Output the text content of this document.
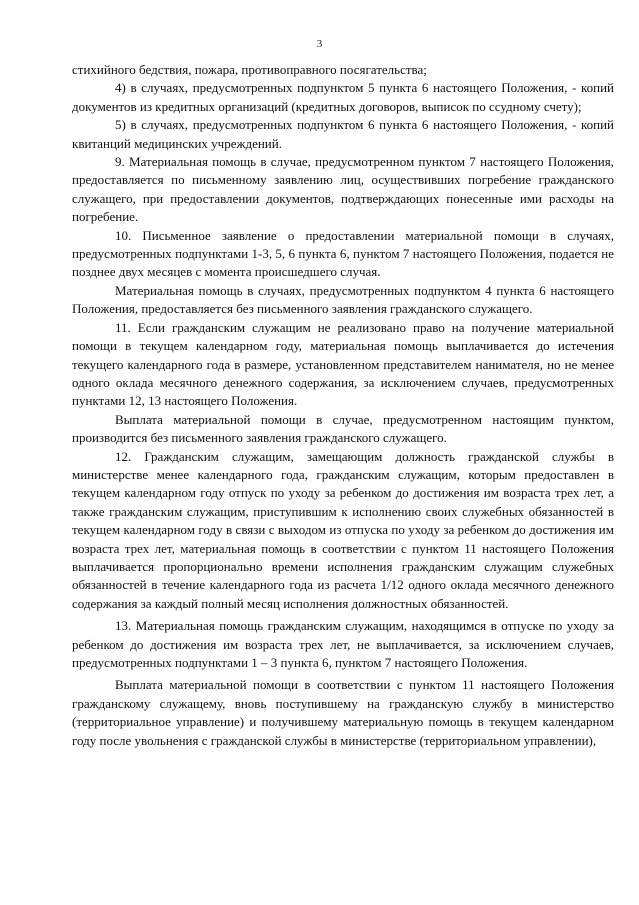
3

стихийного бедствия, пожара, противоправного посягательства;

4) в случаях, предусмотренных подпунктом 5 пункта 6 настоящего Положения, - копий документов из кредитных организаций (кредитных договоров, выписок по ссудному счету);

5) в случаях, предусмотренных подпунктом 6 пункта 6 настоящего Положения, - копий квитанций медицинских учреждений.

9. Материальная помощь в случае, предусмотренном пунктом 7 настоящего Положения, предоставляется по письменному заявлению лиц, осуществивших погребение гражданского служащего, при предоставлении документов, подтверждающих понесенные ими расходы на погребение.

10. Письменное заявление о предоставлении материальной помощи в случаях, предусмотренных подпунктами 1-3, 5, 6 пункта 6, пунктом 7 настоящего Положения, подается не позднее двух месяцев с момента происшедшего случая.

Материальная помощь в случаях, предусмотренных подпунктом 4 пункта 6 настоящего Положения, предоставляется без письменного заявления гражданского служащего.

11. Если гражданским служащим не реализовано право на получение материальной помощи в текущем календарном году, материальная помощь выплачивается до истечения текущего календарного года в размере, установленном представителем нанимателя, но не менее одного оклада месячного денежного содержания, за исключением случаев, предусмотренных пунктами 12, 13 настоящего Положения.

Выплата материальной помощи в случае, предусмотренном настоящим пунктом, производится без письменного заявления гражданского служащего.

12. Гражданским служащим, замещающим должность гражданской службы в министерстве менее календарного года, гражданским служащим, которым предоставлен в текущем календарном году отпуск по уходу за ребенком до достижения им возраста трех лет, а также гражданским служащим, приступившим к исполнению своих служебных обязанностей в текущем календарном году в связи с выходом из отпуска по уходу за ребенком до достижения им возраста трех лет, материальная помощь в соответствии с пунктом 11 настоящего Положения выплачивается пропорционально времени исполнения гражданским служащим служебных обязанностей в течение календарного года из расчета 1/12 одного оклада месячного денежного содержания за каждый полный месяц исполнения должностных обязанностей.

13. Материальная помощь гражданским служащим, находящимся в отпуске по уходу за ребенком до достижения им возраста трех лет, не выплачивается, за исключением случаев, предусмотренных подпунктами 1 – 3 пункта 6, пунктом 7 настоящего Положения.

Выплата материальной помощи в соответствии с пунктом 11 настоящего Положения гражданскому служащему, вновь поступившему на гражданскую службу в министерство (территориальное управление) и получившему материальную помощь в текущем календарном году после увольнения с гражданской службы в министерстве (территориальном управлении),
